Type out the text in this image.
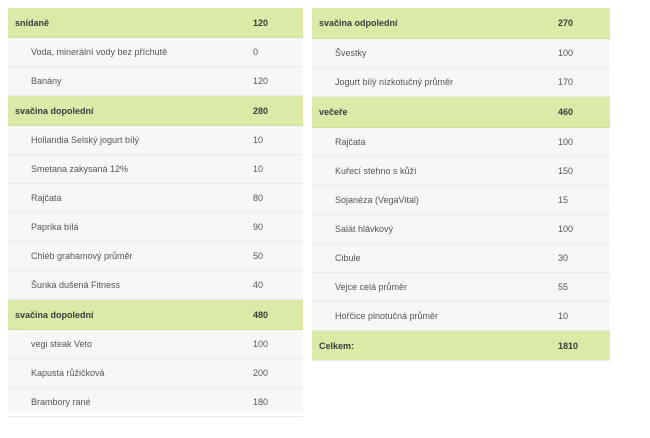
snídaně	120
Voda, minerální vody bez příchutě	0
Banány	120
svačina dopolední	280
Hollandia Selský jogurt bílý	10
Smetana zakysaná 12%	10
Rajčata	80
Paprika bílá	90
Chléb grahamový průměr	50
Šunka dušená Fitness	40
svačina dopolední	480
vegi steak Veto	100
Kapusta růžičková	200
Brambory rané	180
svačina odpolední	270
Švestky	100
Jogurt bílý nízkotučný průměr	170
večeře	460
Rajčata	100
Kuřecí stehno s kůží	150
Sojanéza (VegaVital)	15
Salát hlávkový	100
Cibule	30
Vejce celá průměr	55
Hořčice plnotučná průměr	10
Celkem:	1810
